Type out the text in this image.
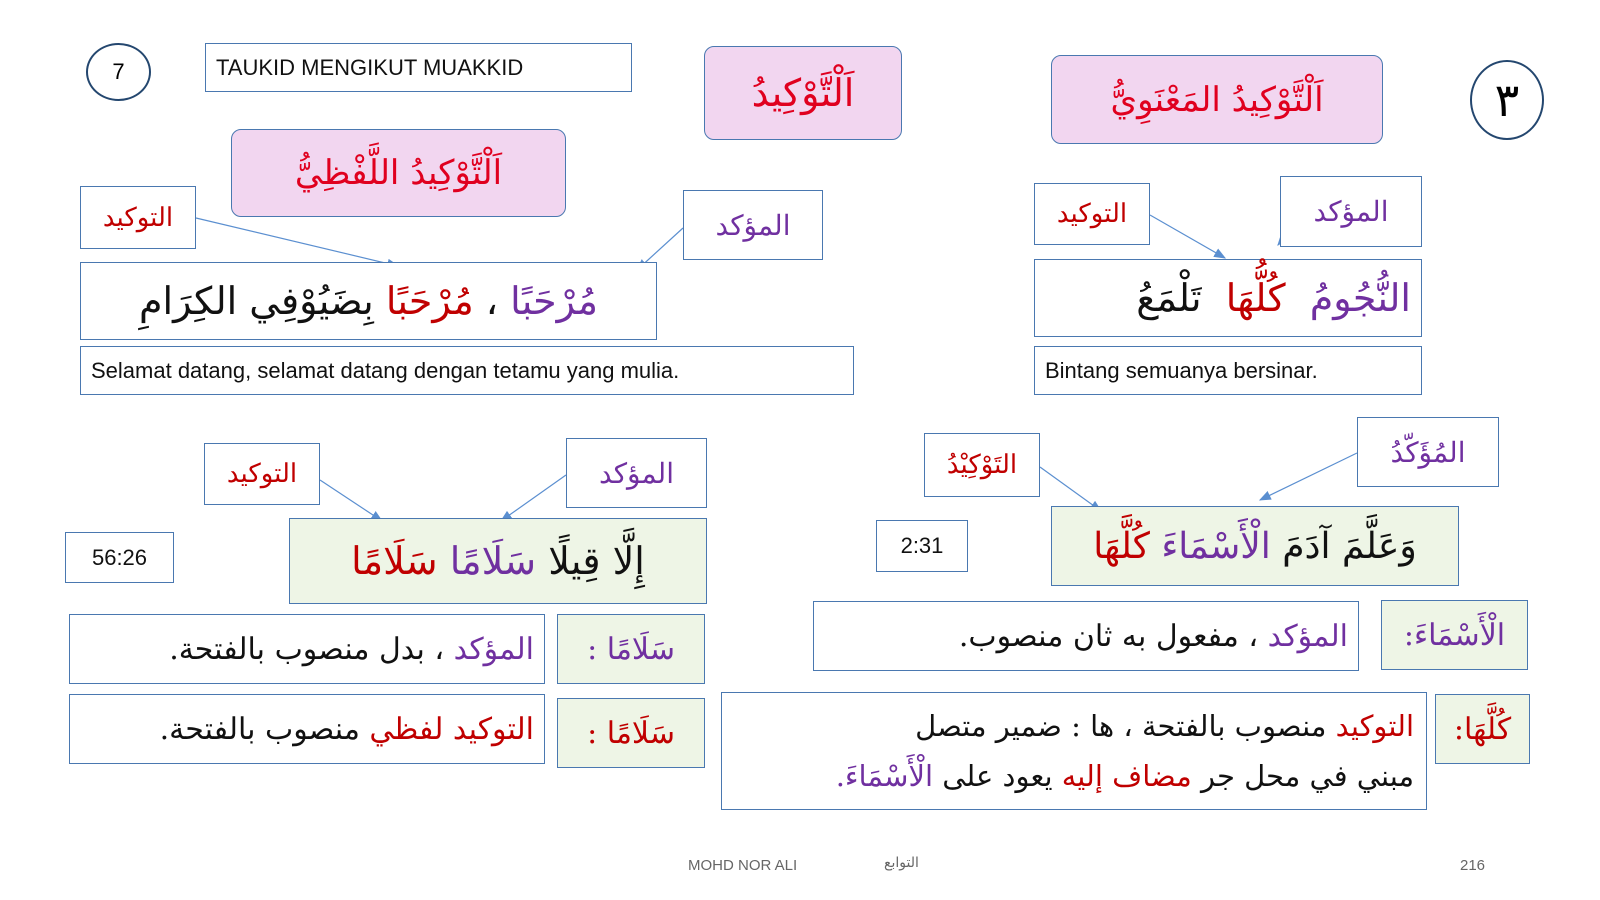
7	TAUKID MENGIKUT MUAKKID
اَلْتَّوْكِيدُ	اَلْتَّوْكِيدُ المَعْنَوِيُّ	٣
اَلْتَّوْكِيدُ اللَّفْظِيُّ
التوكيد	المؤكد
مُرْحَبًا ، مُرْحَبًا بِضَيُوْفِي الكِرَامِ
Selamat datang, selamat datang dengan tetamu yang mulia.
التوكيد	المؤكد
النُّجُومُ  كُلُّهَا  تَلْمَعُ
Bintang semuanya bersinar.
التوكيد	المؤكد
56:26	إِلَّا قِيلًا سَلَامًا سَلَامًا
سَلَامًا :
المؤكد ، بدل منصوب بالفتحة.
سَلَامًا :
التوكيد لفظي منصوب بالفتحة.
التَوْكِيْدُ	المُؤَكّدُ
2:31	وَعَلَّمَ آدَمَ الْأَسْمَاءَ كُلَّهَا
الْأَسْمَاءَ:
المؤكد ، مفعول به ثان منصوب.
كُلَّهَا:
التوكيد منصوب بالفتحة ، ها : ضمير متصل
مبني في محل جر مضاف إليه يعود على الْأَسْمَاءَ.
MOHD NOR ALI	التوابع	216
